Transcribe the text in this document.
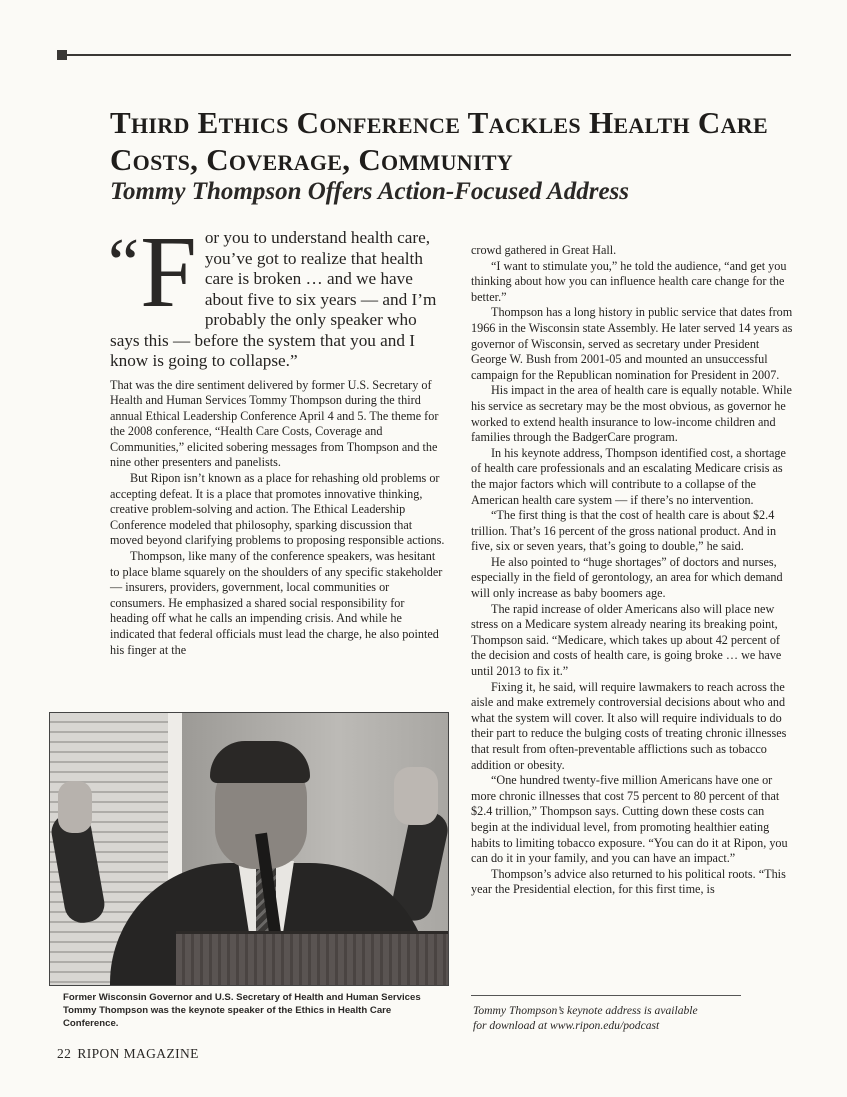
Third Ethics Conference Tackles Health Care Costs, Coverage, Community
Tommy Thompson Offers Action-Focused Address

“F or you to understand health care, you’ve got to realize that health care is broken … and we have about five to six years — and I’m probably the only speaker who says this — before the system that you and I know is going to collapse.”

That was the dire sentiment delivered by former U.S. Secretary of Health and Human Services Tommy Thompson during the third annual Ethical Leadership Conference April 4 and 5. The theme for the 2008 conference, “Health Care Costs, Coverage and Communities,” elicited sobering messages from Thompson and the nine other presenters and panelists.

But Ripon isn’t known as a place for rehashing old problems or accepting defeat. It is a place that promotes innovative thinking, creative problem-solving and action. The Ethical Leadership Conference modeled that philosophy, sparking discussion that moved beyond clarifying problems to proposing responsible actions.

Thompson, like many of the conference speakers, was hesitant to place blame squarely on the shoulders of any specific stakeholder — insurers, providers, government, local communities or consumers. He emphasized a shared social responsibility for heading off what he calls an impending crisis. And while he indicated that federal officials must lead the charge, he also pointed his finger at the

crowd gathered in Great Hall.

“I want to stimulate you,” he told the audience, “and get you thinking about how you can influence health care change for the better.”

Thompson has a long history in public service that dates from 1966 in the Wisconsin state Assembly. He later served 14 years as governor of Wisconsin, served as secretary under President George W. Bush from 2001-05 and mounted an unsuccessful campaign for the Republican nomination for President in 2007.

His impact in the area of health care is equally notable. While his service as secretary may be the most obvious, as governor he worked to extend health insurance to low-income children and families through the BadgerCare program.

In his keynote address, Thompson identified cost, a shortage of health care professionals and an escalating Medicare crisis as the major factors which will contribute to a collapse of the American health care system — if there’s no intervention.

“The first thing is that the cost of health care is about $2.4 trillion. That’s 16 percent of the gross national product. And in five, six or seven years, that’s going to double,” he said.

He also pointed to “huge shortages” of doctors and nurses, especially in the field of gerontology, an area for which demand will only increase as baby boomers age.

The rapid increase of older Americans also will place new stress on a Medicare system already nearing its breaking point, Thompson said. “Medicare, which takes up about 42 percent of the decision and costs of health care, is going broke … we have until 2013 to fix it.”

Fixing it, he said, will require lawmakers to reach across the aisle and make extremely controversial decisions about who and what the system will cover. It also will require individuals to do their part to reduce the bulging costs of treating chronic illnesses that result from often-preventable afflictions such as tobacco addition or obesity.

“One hundred twenty-five million Americans have one or more chronic illnesses that cost 75 percent to 80 percent of that $2.4 trillion,” Thompson says. Cutting down these costs can begin at the individual level, from promoting healthier eating habits to limiting tobacco exposure. “You can do it at Ripon, you can do it in your family, and you can have an impact.”

Thompson’s advice also returned to his political roots. “This year the Presidential election, for this first time, is

Former Wisconsin Governor and U.S. Secretary of Health and Human Services Tommy Thompson was the keynote speaker of the Ethics in Health Care Conference.

Tommy Thompson’s keynote address is available
for download at www.ripon.edu/podcast

22 RIPON MAGAZINE
